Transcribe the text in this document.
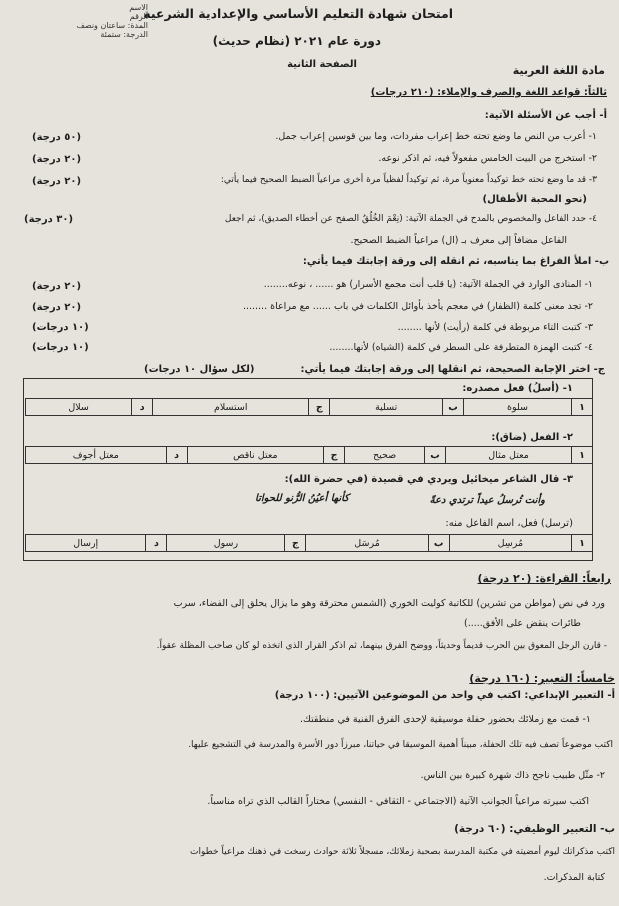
امتحان شهادة التعليم الأساسي والإعدادية الشرعية
دورة عام ٢٠٢١ (نظام حديث)
الصفحة الثانية	مادة اللغة العربية
الاسم
الرقم
المدة: ساعتان ونصف
الدرجة: ستمئة
ثالثاً: قواعد اللغة والصرف والإملاء: (٢١٠ درجات)
أ- أجب عن الأسئلة الآتية:
١- أعرب من النص ما وضع تحته خط إعراب مفردات، وما بين قوسين إعراب جمل.
(٥٠ درجة)
٢- استخرج من البيت الخامس مفعولاً فيه، ثم اذكر نوعه.
(٢٠ درجة)
٣- قد ما وضع تحته خط توكيداً معنوياً مرة، ثم توكيداً لفظياً مرة أخرى مراعياً الضبط الصحيح فيما يأتي:
(٢٠ درجة)
(نحو المحبة الأطفال)
٤- حدد الفاعل والمخصوص بالمدح في الجملة الآتية: (نِعْمَ الخُلُقُ الصفح عن أخطاء الصديق)، ثم اجعل
(٣٠ درجة)
الفاعل مضافاً إلى معرف بـ (ال) مراعياً الضبط الصحيح.
ب- املأ الفراغ بما يناسبه، ثم انقله إلى ورقة إجابتك فيما يأتي:
١- المنادى الوارد في الجملة الآتية: (يا قلب أنت مجمع الأسرار) هو ...... ، نوعه........
(٢٠ درجة)
٢- تجد معنى كلمة (الظفار) في معجم يأخذ بأوائل الكلمات في باب ...... مع مراعاة ........
(٢٠ درجة)
٣- كتبت التاء مربوطة في كلمة (رأيت) لأنها ........
(١٠ درجات)
٤- كتبت الهمزة المتطرفة على السطر في كلمة (الشياه) لأنها........
(١٠ درجات)
ج- اختر الإجابة الصحيحة، ثم انقلها إلى ورقة إجابتك فيما يأتي:
(لكل سؤال ١٠ درجات)
١- (أسلُ) فعل مصدره:
١	سلوة	ب	تسلية	ج	استسلام	د	سلال
٢- الفعل (ضاق):
١	معتل مثال	ب	صحيح	ج	معتل ناقص	د	معتل أجوف
٣- قال الشاعر ميخائيل ويردي في قصيدة (في حضرة الله):
وأنت تُرسلُ عيداً ترتدي دعةً
كأنها أعيُنُ الرُّنو للحواتا
(ترسل) فعل، اسم الفاعل منه:
١	مُرسِل	ب	مُرسَل	ج	رسول	د	إرسال
رابعاً: القراءة: (٢٠ درجة)
ورد في نص (مواطن من تشرين) للكاتبة كوليت الخوري (الشمس محترقة وهو ما يزال يحلق إلى الفضاء، سرب
طائرات ينقض على الأفق.....)
- قارن الرجل المعوق بين الحرب قديماً وحديثاً، ووضح الفرق بينهما، ثم اذكر القرار الذي اتخذه لو كان صاحب المظلة عقواً.
خامساً: التعبير: (١٦٠ درجة)
أ- التعبير الإبداعي: اكتب في واحد من الموضوعين الآتيين: (١٠٠ درجة)
١- قمت مع زملائك بحضور حفلة موسيقية لإحدى الفرق الفنية في منطقتك.
اكتب موضوعاً تصف فيه تلك الحفلة، مبيناً أهمية الموسيقا في حياتنا، مبرزاً دور الأسرة والمدرسة في التشجيع عليها.
٢- مثّل طبيب ناجح ذاك شهرة كبيرة بين الناس.
اكتب سيرته مراعياً الجوانب الآتية (الاجتماعي - الثقافي - النفسي) مختاراً القالب الذي تراه مناسباً.
ب- التعبير الوظيفي: (٦٠ درجة)
اكتب مذكراتك ليوم أمضيته في مكتبة المدرسة بصحبة زملائك، مسجلاً ثلاثة حوادث رسخت في ذهنك مراعياً خطوات
كتابة المذكرات.
